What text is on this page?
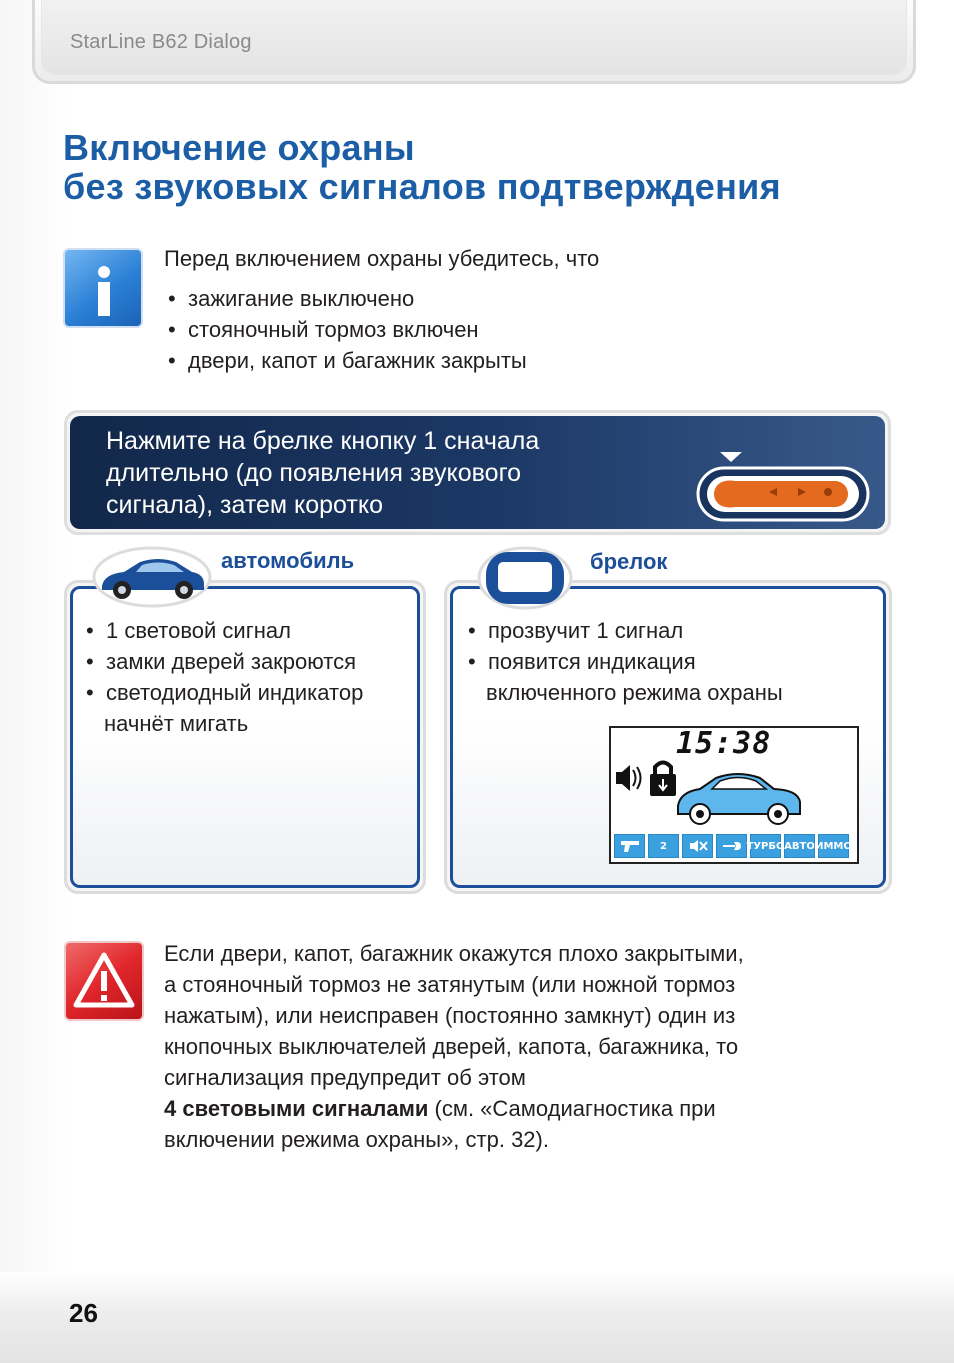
StarLine B62 Dialog
Включение охраны
без звуковых сигналов подтверждения
Перед включением охраны убедитесь, что
• зажигание выключено
• стояночный тормоз включен
• двери, капот и багажник закрыты
Нажмите на брелке кнопку 1 сначала
длительно (до появления звукового
сигнала), затем коротко
автомобиль
• 1 световой сигнал
• замки дверей закроются
• светодиодный индикатор
начнёт мигать
брелок
• прозвучит 1 сигнал
• появится индикация
включенного режима охраны
15:38
2	ТУРБО АВТО ИММО
Если двери, капот, багажник окажутся плохо закрытыми,
а стояночный тормоз не затянутым (или ножной тормоз
нажатым), или неисправен (постоянно замкнут) один из
кнопочных выключателей дверей, капота, багажника, то
сигнализация предупредит об этом
4 световыми сигналами (см. «Самодиагностика при
включении режима охраны», стр. 32).
26
